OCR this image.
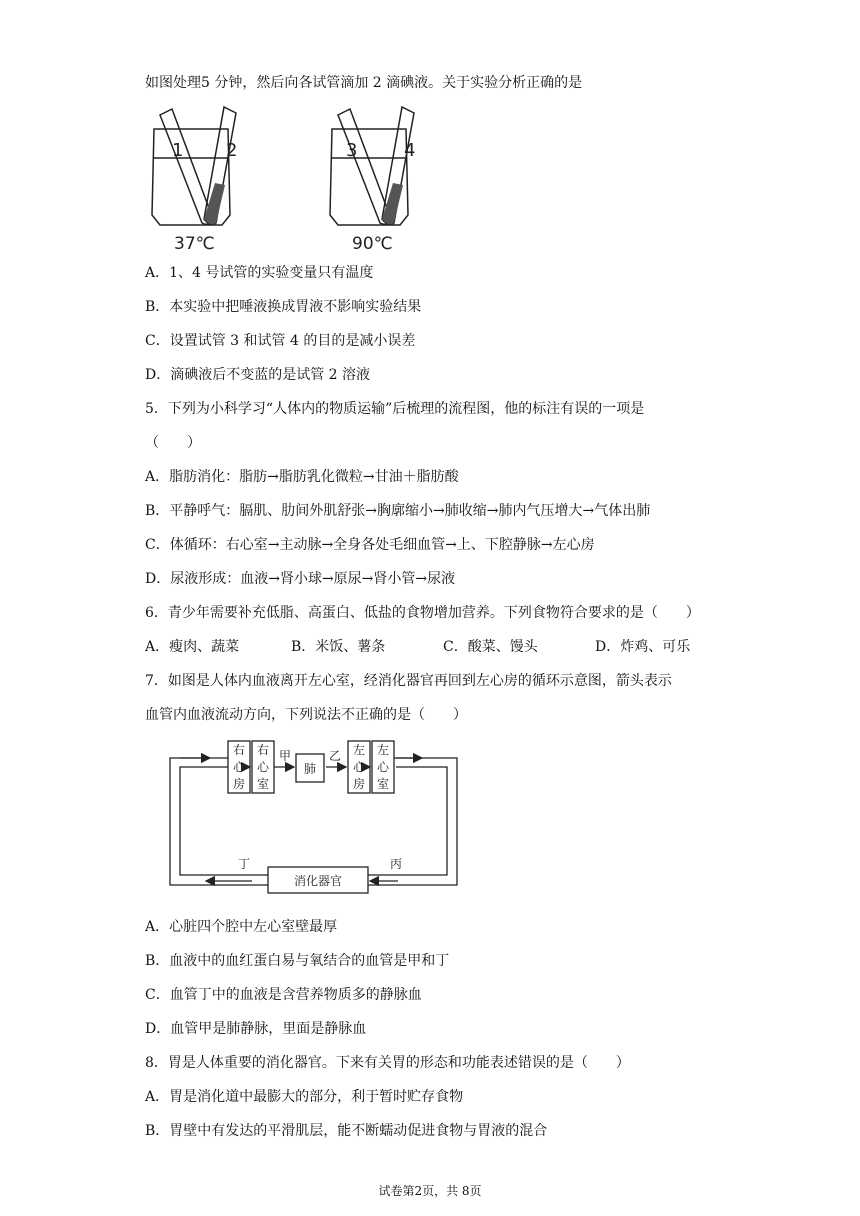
如图处理5 分钟，然后向各试管滴加 2 滴碘液。关于实验分析正确的是
1 2	3	4
37℃	90℃
A．1、4 号试管的实验变量只有温度
B．本实验中把唾液换成胃液不影响实验结果
C．设置试管 3 和试管 4 的目的是减小误差
D．滴碘液后不变蓝的是试管 2 溶液
5．下列为小科学习“人体内的物质运输”后梳理的流程图，他的标注有误的一项是
（　　）
A．脂肪消化：脂肪→脂肪乳化微粒→甘油＋脂肪酸
B．平静呼气：膈肌、肋间外肌舒张→胸廓缩小→肺收缩→肺内气压增大→气体出肺
C．体循环：右心室→主动脉→全身各处毛细血管→上、下腔静脉→左心房
D．尿液形成：血液→肾小球→原尿→肾小管→尿液
6．青少年需要补充低脂、高蛋白、低盐的食物增加营养。下列食物符合要求的是（　　）
A．瘦肉、蔬菜	B．米饭、薯条	C．酸菜、馒头	D．炸鸡、可乐
7．如图是人体内血液离开左心室，经消化器官再回到左心房的循环示意图，箭头表示
血管内血液流动方向，下列说法不正确的是（　　）
右
心
房
右
心
室
肺
左
心
房
左
心
室
甲	乙
丁	丙
消化器官
A．心脏四个腔中左心室壁最厚
B．血液中的血红蛋白易与氧结合的血管是甲和丁
C．血管丁中的血液是含营养物质多的静脉血
D．血管甲是肺静脉，里面是静脉血
8．胃是人体重要的消化器官。下来有关胃的形态和功能表述错误的是（　　）
A．胃是消化道中最膨大的部分，利于暂时贮存食物
B．胃壁中有发达的平滑肌层，能不断蠕动促进食物与胃液的混合
试卷第2页，共 8页
